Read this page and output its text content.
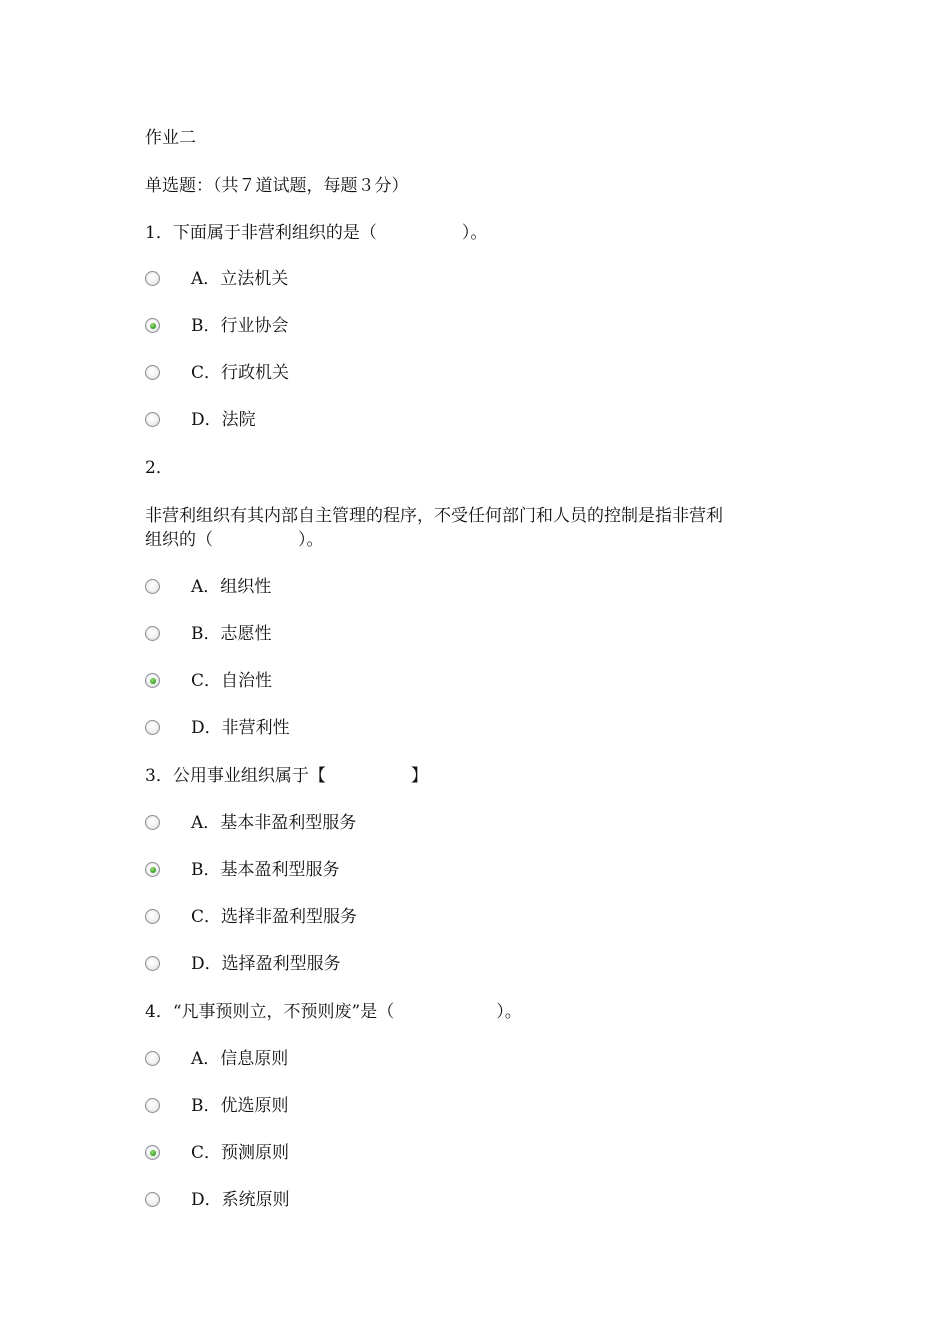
作业二
单选题：（共７道试题，每题３分）
1．下面属于非营利组织的是（　　　　　）。
A．立法机关
B．行业协会
C．行政机关
D．法院
2．
非营利组织有其内部自主管理的程序，不受任何部门和人员的控制是指非营利
组织的（　　　　　）。
A．组织性
B．志愿性
C．自治性
D．非营利性
3．公用事业组织属于【　　　　　】
A．基本非盈利型服务
B．基本盈利型服务
C．选择非盈利型服务
D．选择盈利型服务
4．“凡事预则立，不预则废”是（　　　　　　）。
A．信息原则
B．优选原则
C．预测原则
D．系统原则
